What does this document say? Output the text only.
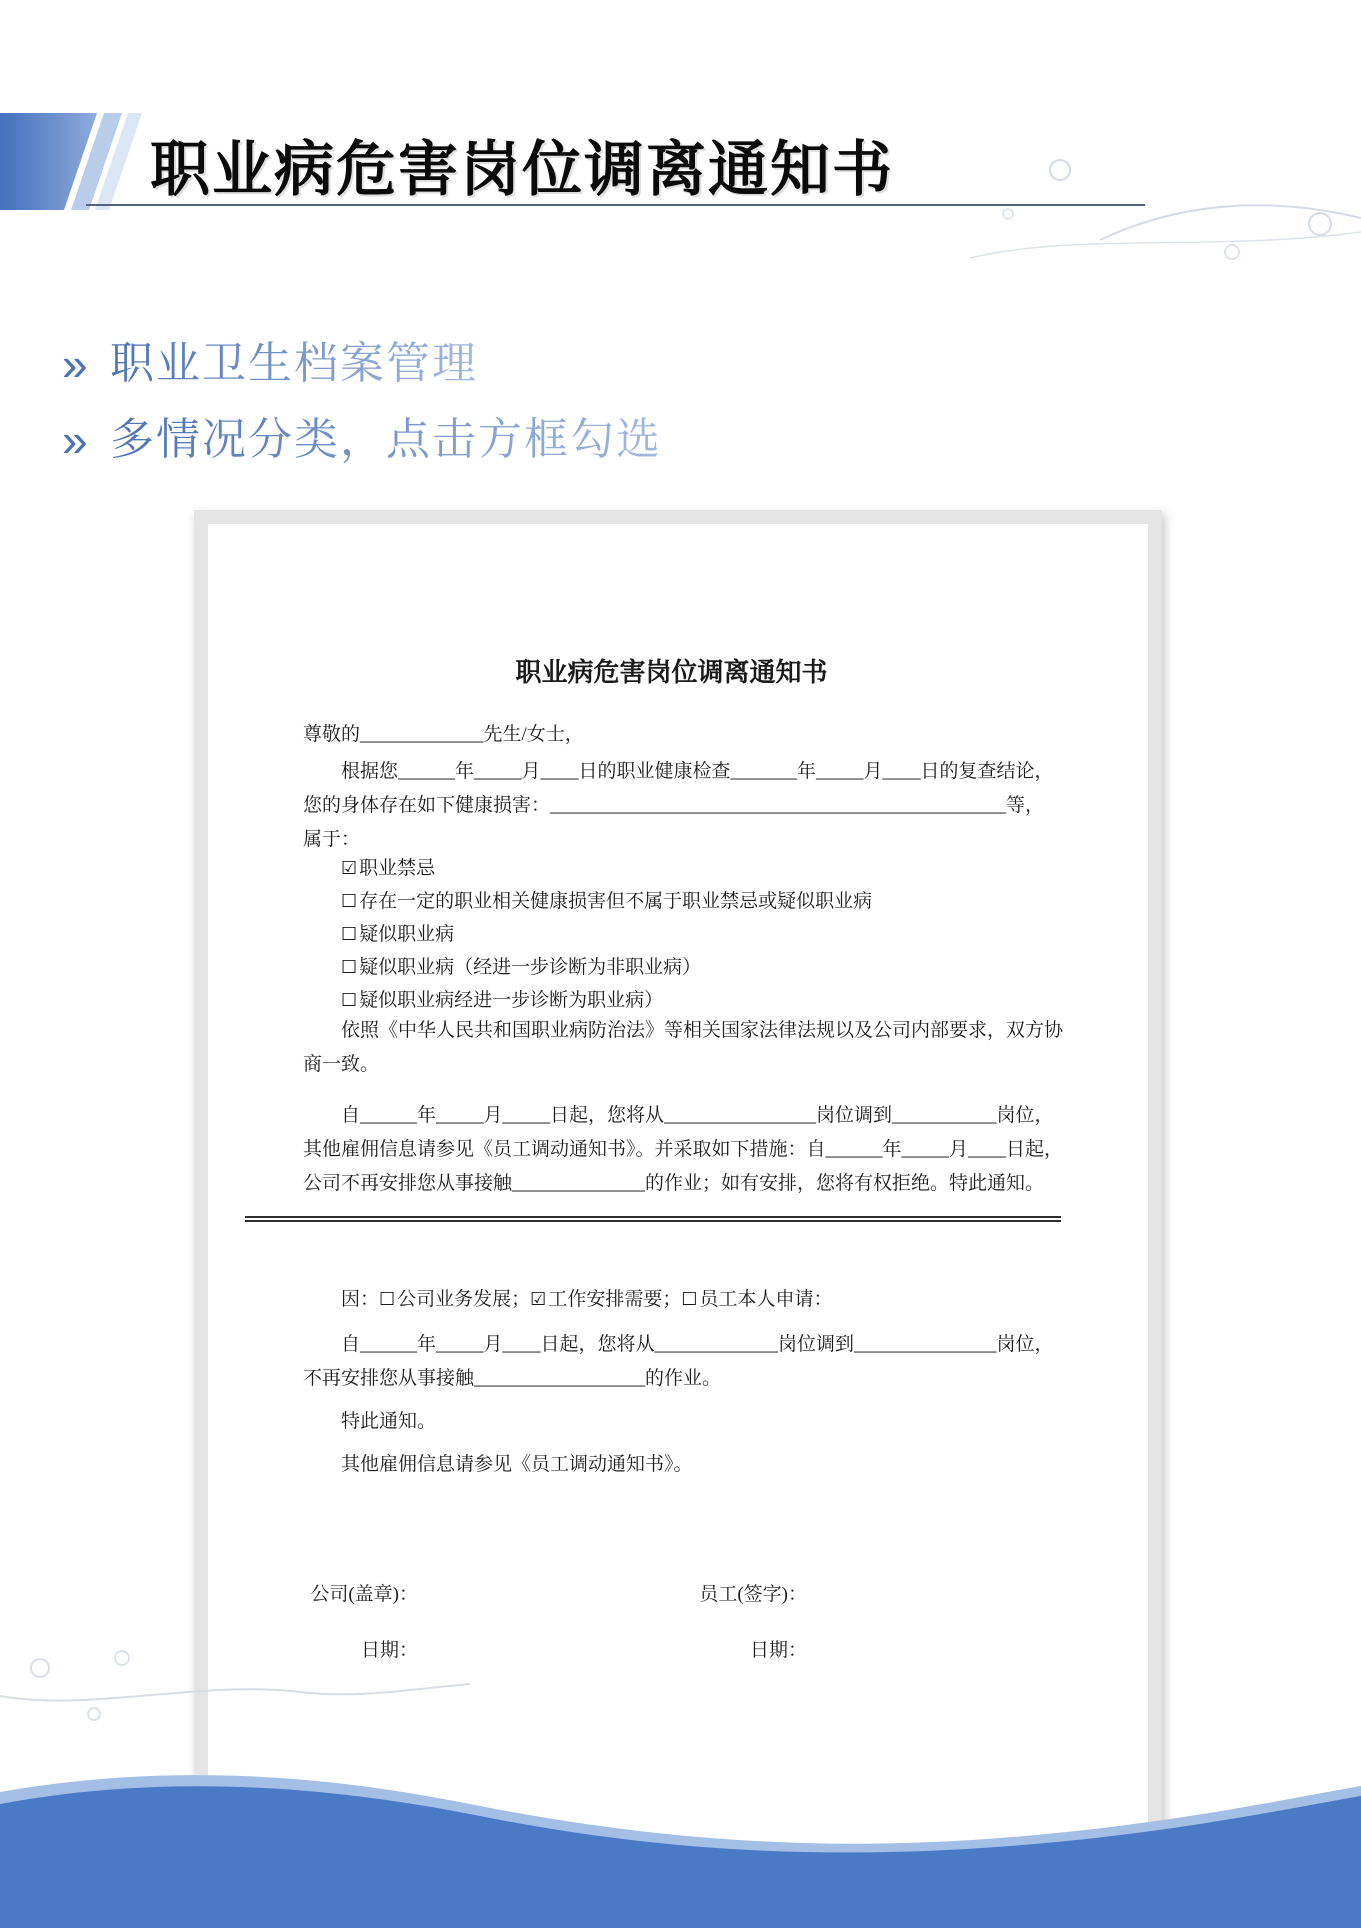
职业病危害岗位调离通知书
» 职业卫生档案管理
» 多情况分类，点击方框勾选
职业病危害岗位调离通知书
尊敬的_____________先生/女士，
根据您______年_____月____日的职业健康检查_______年_____月____日的复查结论，
您的身体存在如下健康损害：________________________________________________等，
属于：
☑ 职业禁忌
☐ 存在一定的职业相关健康损害但不属于职业禁忌或疑似职业病
☐ 疑似职业病
☐ 疑似职业病（经进一步诊断为非职业病）
☐ 疑似职业病经进一步诊断为职业病）
依照《中华人民共和国职业病防治法》等相关国家法律法规以及公司内部要求，双方协
商一致。
自______年_____月_____日起，您将从________________岗位调到___________岗位，
其他雇佣信息请参见《员工调动通知书》。并采取如下措施：自______年_____月____日起，
公司不再安排您从事接触______________的作业；如有安排，您将有权拒绝。特此通知。
因：☐ 公司业务发展；☑ 工作安排需要；☐ 员工本人申请：
自______年_____月____日起，您将从_____________岗位调到_______________岗位，
不再安排您从事接触__________________的作业。
特此通知。
其他雇佣信息请参见《员工调动通知书》。
公司(盖章)：
日期：
员工(签字)：
日期：
